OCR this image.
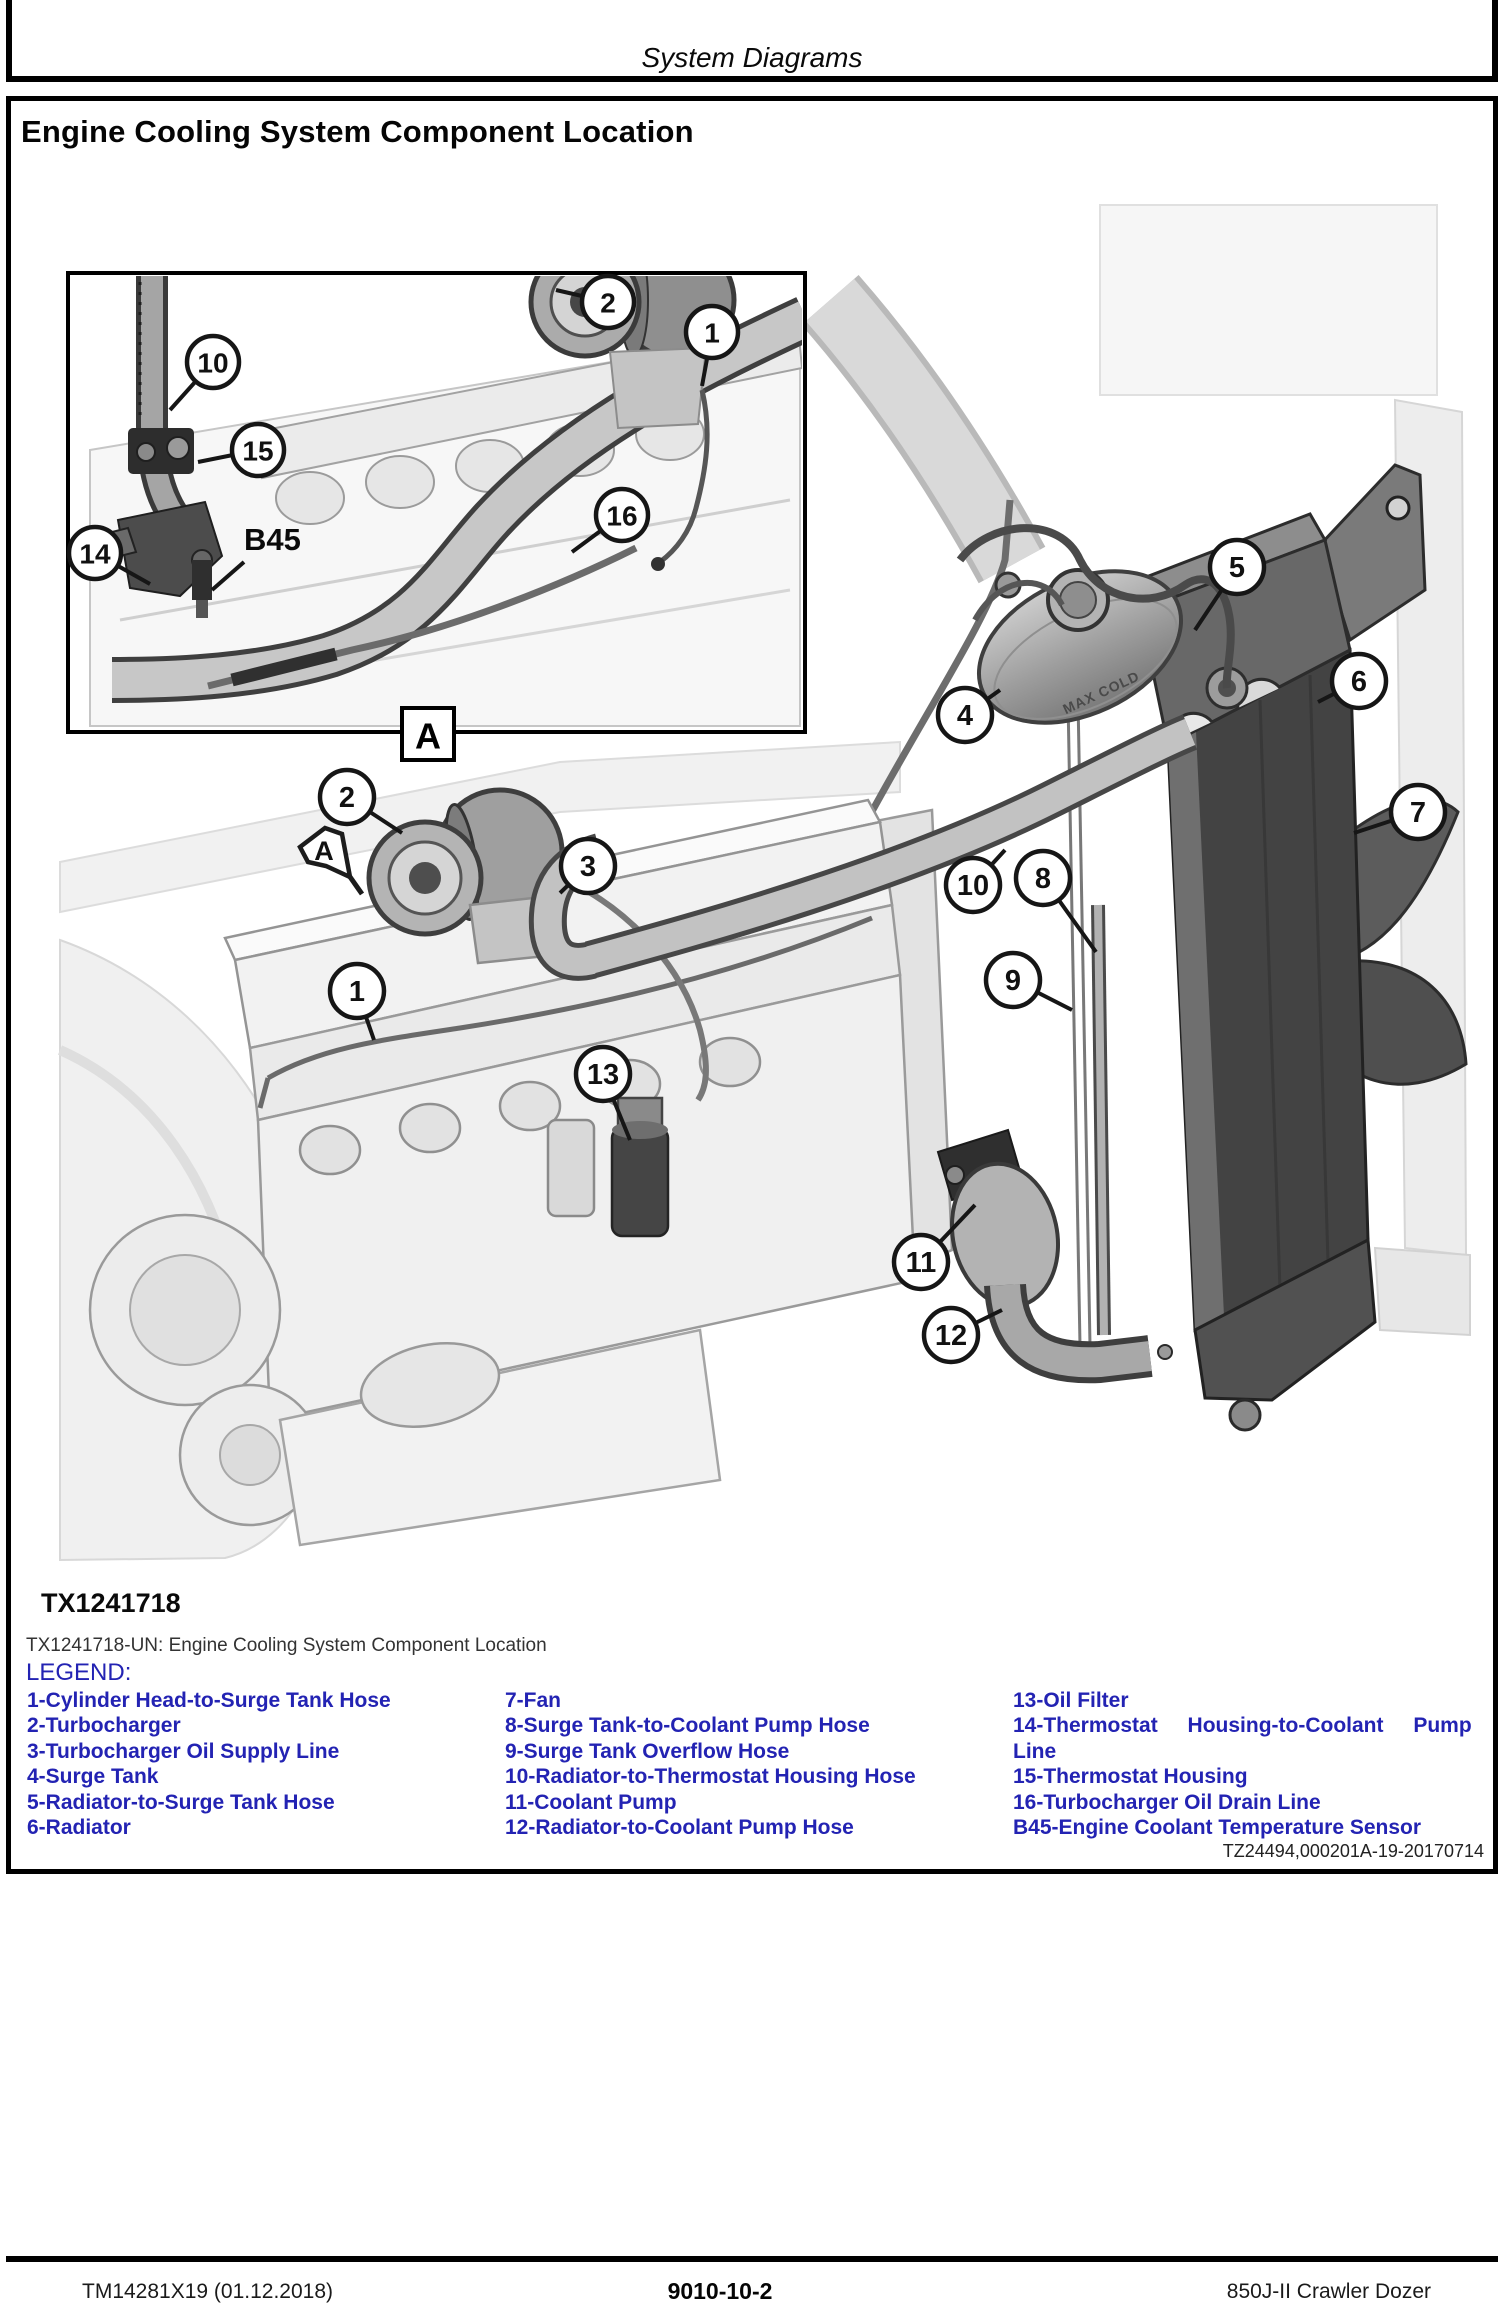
System Diagrams
Engine Cooling System Component Location
MAX COLD
A
A
2
3
1
13
4
5
6
7
10 8
9
11
12
10
15
14
2
1
16
B45
TX1241718
TX1241718-UN: Engine Cooling System Component Location
LEGEND:
1-Cylinder Head-to-Surge Tank Hose
2-Turbocharger
3-Turbocharger Oil Supply Line
4-Surge Tank
5-Radiator-to-Surge Tank Hose
6-Radiator
7-Fan
8-Surge Tank-to-Coolant Pump Hose
9-Surge Tank Overflow Hose
10-Radiator-to-Thermostat Housing Hose
11-Coolant Pump
12-Radiator-to-Coolant Pump Hose
13-Oil Filter
14-Thermostat Housing-to-Coolant Pump
Line
15-Thermostat Housing
16-Turbocharger Oil Drain Line
B45-Engine Coolant Temperature Sensor
TZ24494,000201A-19-20170714
TM14281X19 (01.12.2018)	9010-10-2	850J-II Crawler Dozer
